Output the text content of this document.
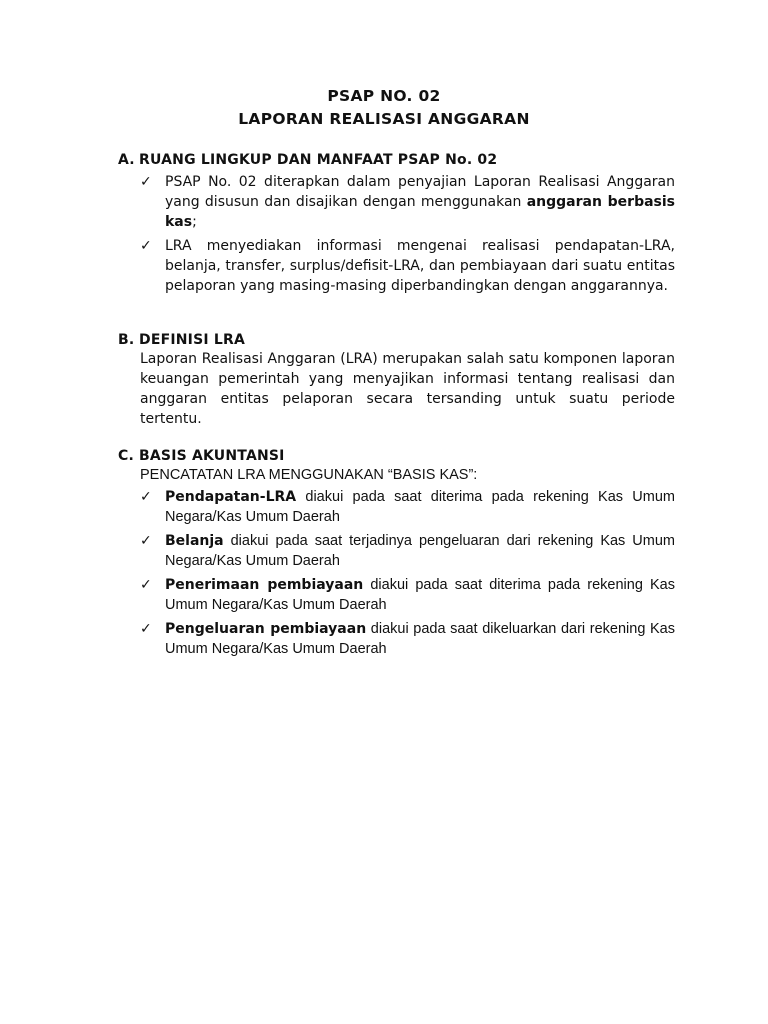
PSAP NO. 02
LAPORAN REALISASI ANGGARAN
A. RUANG LINGKUP DAN MANFAAT PSAP No. 02
✓ PSAP No. 02 diterapkan dalam penyajian Laporan Realisasi Anggaran yang disusun dan disajikan dengan menggunakan anggaran berbasis kas;
✓ LRA menyediakan informasi mengenai realisasi pendapatan-LRA, belanja, transfer, surplus/defisit-LRA, dan pembiayaan dari suatu entitas pelaporan yang masing-masing diperbandingkan dengan anggarannya.
B. DEFINISI LRA
Laporan Realisasi Anggaran (LRA) merupakan salah satu komponen laporan keuangan pemerintah yang menyajikan informasi tentang realisasi dan anggaran entitas pelaporan secara tersanding untuk suatu periode tertentu.
C. BASIS AKUNTANSI
PENCATATAN LRA MENGGUNAKAN “BASIS KAS”:
✓ Pendapatan-LRA diakui pada saat diterima pada rekening Kas Umum Negara/Kas Umum Daerah
✓ Belanja diakui pada saat terjadinya pengeluaran dari rekening Kas Umum Negara/Kas Umum Daerah
✓ Penerimaan pembiayaan diakui pada saat diterima pada rekening Kas Umum Negara/Kas Umum Daerah
✓ Pengeluaran pembiayaan diakui pada saat dikeluarkan dari rekening Kas Umum Negara/Kas Umum Daerah
